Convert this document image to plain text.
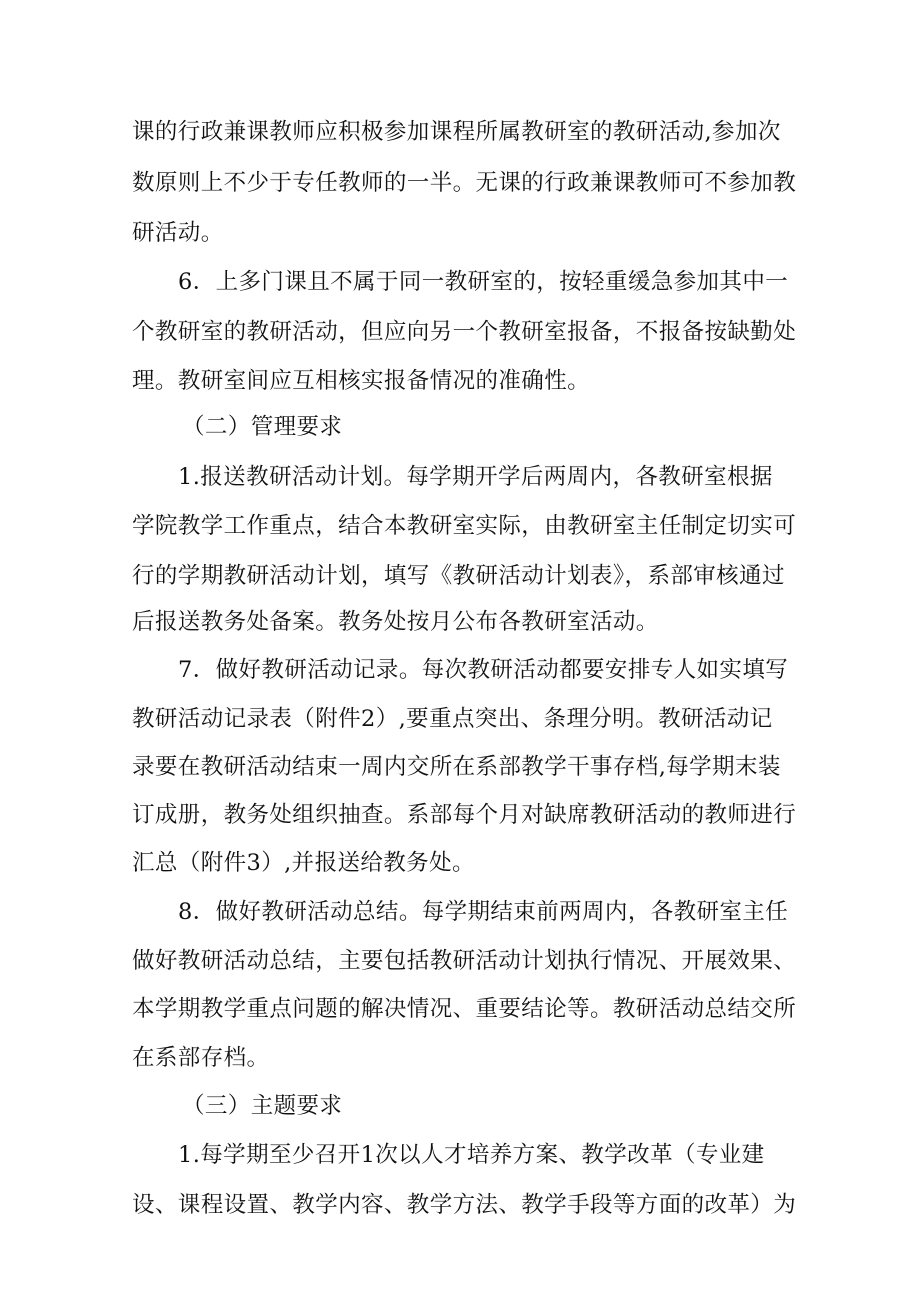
课的行政兼课教师应积极参加课程所属教研室的教研活动,参加次
数原则上不少于专任教师的一半。无课的行政兼课教师可不参加教
研活动。
6．上多门课且不属于同一教研室的，按轻重缓急参加其中一
个教研室的教研活动，但应向另一个教研室报备，不报备按缺勤处
理。教研室间应互相核实报备情况的准确性。
（二）管理要求
1.报送教研活动计划。每学期开学后两周内，各教研室根据
学院教学工作重点，结合本教研室实际，由教研室主任制定切实可
行的学期教研活动计划，填写《教研活动计划表》，系部审核通过
后报送教务处备案。教务处按月公布各教研室活动。
7．做好教研活动记录。每次教研活动都要安排专人如实填写
教研活动记录表（附件2）,要重点突出、条理分明。教研活动记
录要在教研活动结束一周内交所在系部教学干事存档,每学期末装
订成册，教务处组织抽查。系部每个月对缺席教研活动的教师进行
汇总（附件3）,并报送给教务处。
8．做好教研活动总结。每学期结束前两周内，各教研室主任
做好教研活动总结，主要包括教研活动计划执行情况、开展效果、
本学期教学重点问题的解决情况、重要结论等。教研活动总结交所
在系部存档。
（三）主题要求
1.每学期至少召开1次以人才培养方案、教学改革（专业建
设、课程设置、教学内容、教学方法、教学手段等方面的改革）为
